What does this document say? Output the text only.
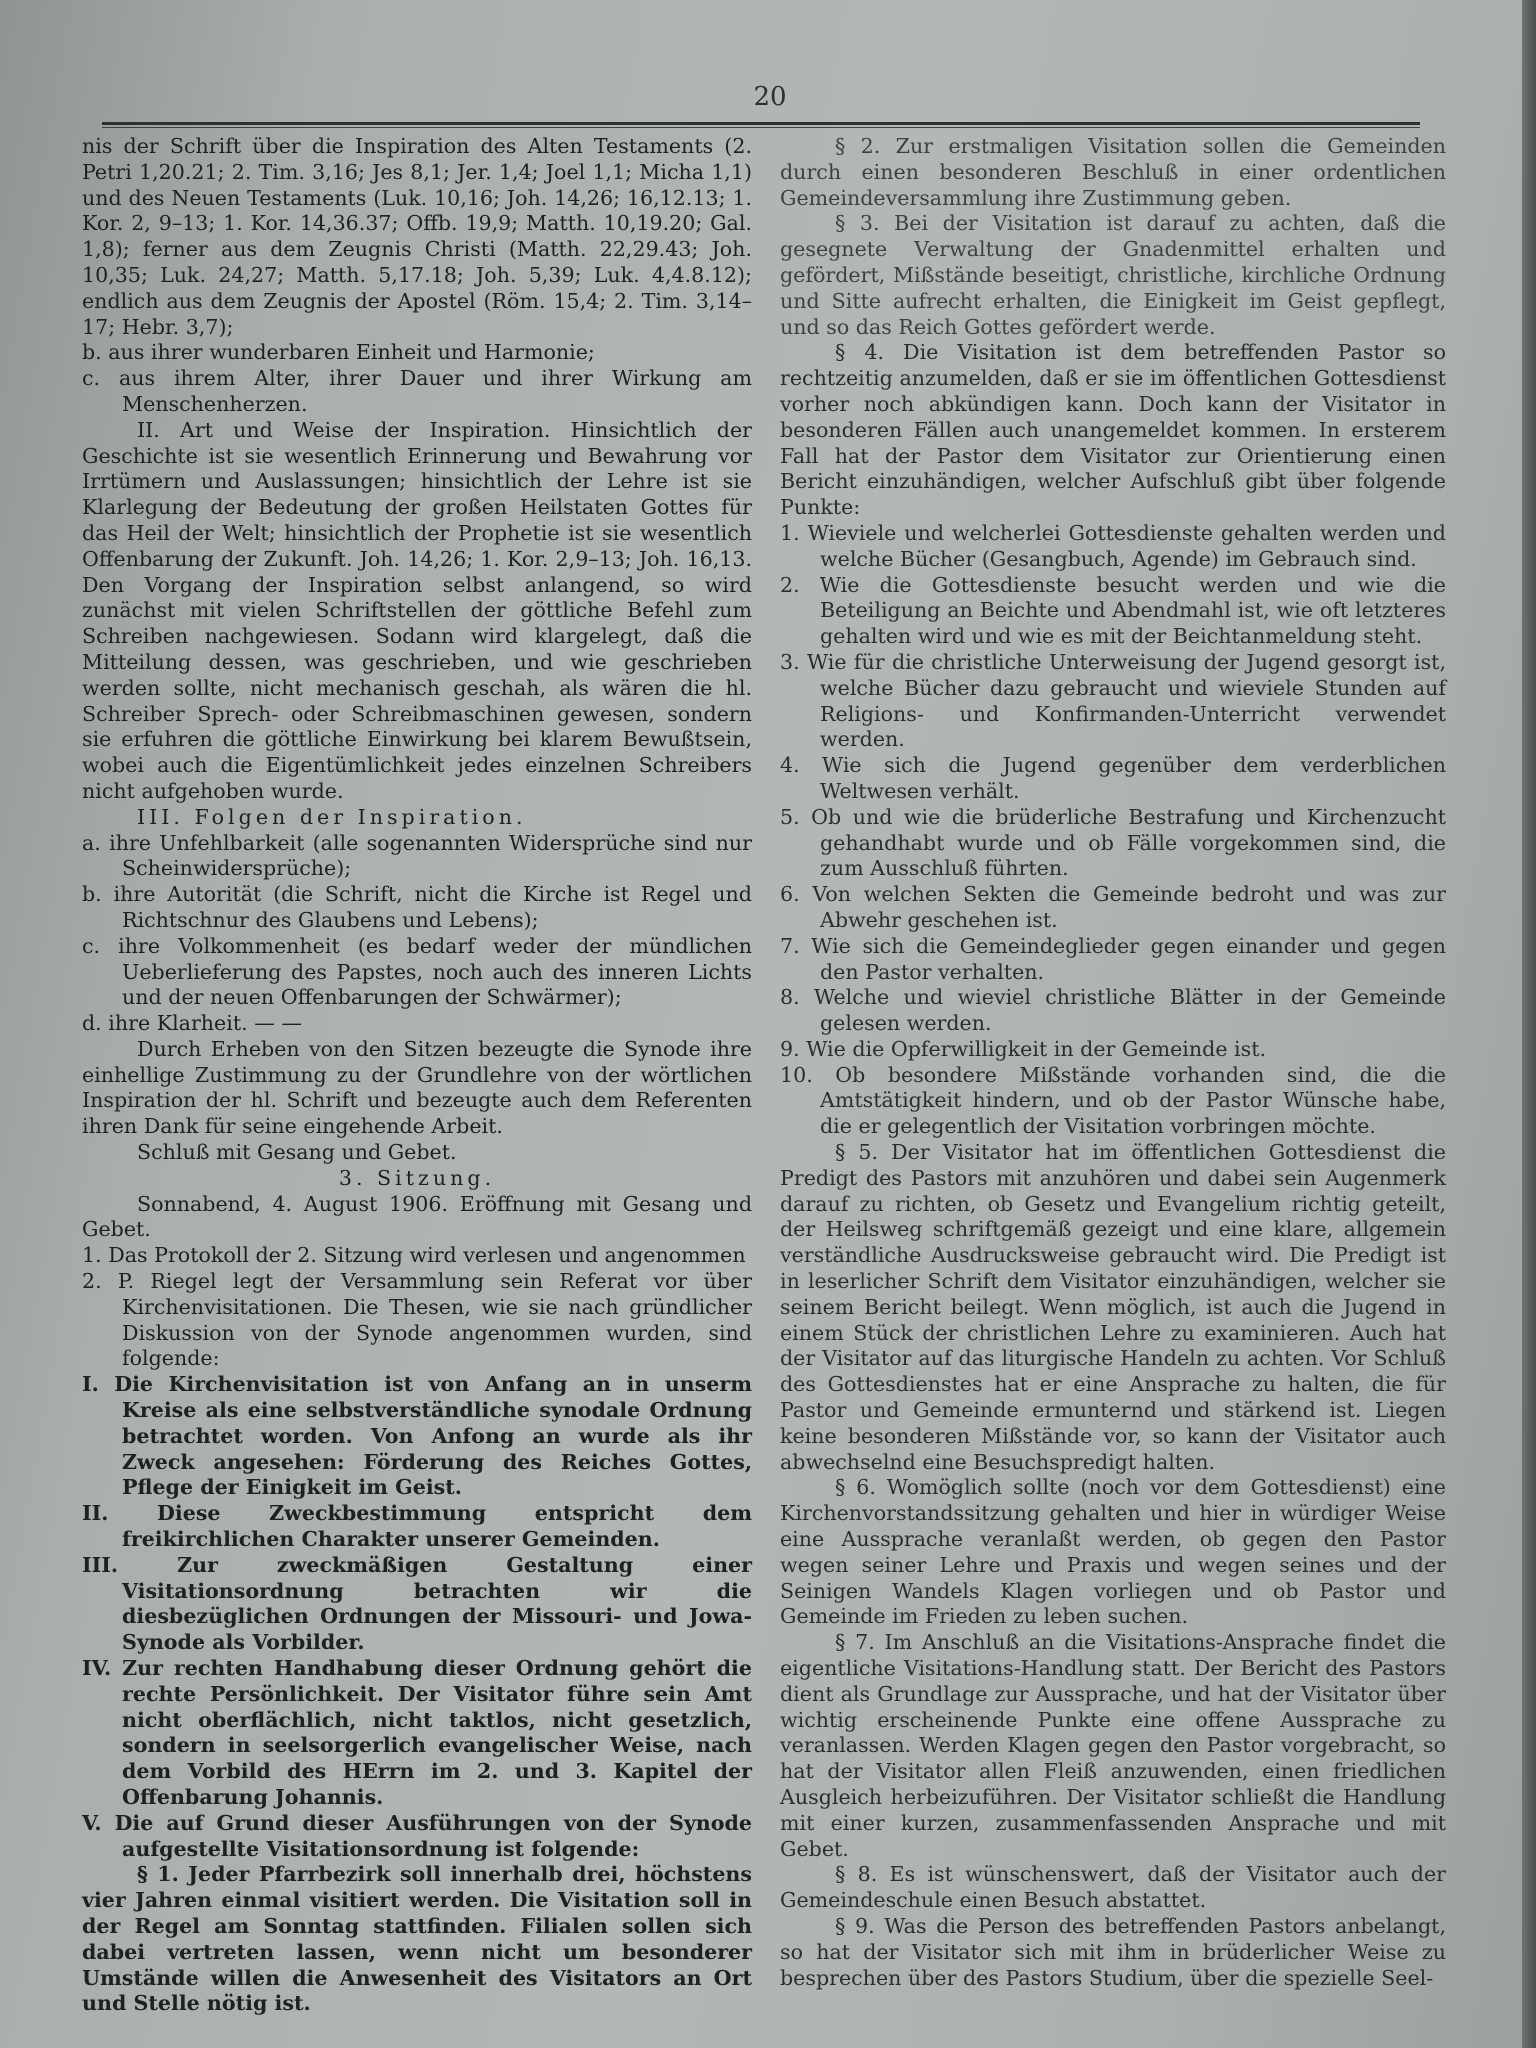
20

nis der Schrift über die Inspiration des Alten Testaments (2. Petri 1,20.21; 2. Tim. 3,16; Jes 8,1; Jer. 1,4; Joel 1,1; Micha 1,1) und des Neuen Testaments (Luk. 10,16; Joh. 14,26; 16,12.13; 1. Kor. 2, 9–13; 1. Kor. 14,36.37; Offb. 19,9; Matth. 10,19.20; Gal. 1,8); ferner aus dem Zeugnis Christi (Matth. 22,29.43; Joh. 10,35; Luk. 24,27; Matth. 5,17.18; Joh. 5,39; Luk. 4,4.8.12); endlich aus dem Zeugnis der Apostel (Röm. 15,4; 2. Tim. 3,14–17; Hebr. 3,7);

b. aus ihrer wunderbaren Einheit und Harmonie;

c. aus ihrem Alter, ihrer Dauer und ihrer Wirkung am Menschenherzen.

II. Art und Weise der Inspiration. Hinsichtlich der Geschichte ist sie wesentlich Erinnerung und Bewahrung vor Irrtümern und Auslassungen; hinsichtlich der Lehre ist sie Klarlegung der Bedeutung der großen Heilstaten Gottes für das Heil der Welt; hinsichtlich der Prophetie ist sie wesentlich Offenbarung der Zukunft. Joh. 14,26; 1. Kor. 2,9–13; Joh. 16,13. Den Vorgang der Inspiration selbst anlangend, so wird zunächst mit vielen Schriftstellen der göttliche Befehl zum Schreiben nachgewiesen. Sodann wird klargelegt, daß die Mitteilung dessen, was geschrieben, und wie geschrieben werden sollte, nicht mechanisch geschah, als wären die hl. Schreiber Sprech- oder Schreibmaschinen gewesen, sondern sie erfuhren die göttliche Einwirkung bei klarem Bewußtsein, wobei auch die Eigentümlichkeit jedes einzelnen Schreibers nicht aufgehoben wurde.

III. Folgen der Inspiration.

a. ihre Unfehlbarkeit (alle sogenannten Widersprüche sind nur Scheinwidersprüche);

b. ihre Autorität (die Schrift, nicht die Kirche ist Regel und Richtschnur des Glaubens und Lebens);

c. ihre Volkommenheit (es bedarf weder der mündlichen Ueberlieferung des Papstes, noch auch des inneren Lichts und der neuen Offenbarungen der Schwärmer);

d. ihre Klarheit. — —

Durch Erheben von den Sitzen bezeugte die Synode ihre einhellige Zustimmung zu der Grundlehre von der wörtlichen Inspiration der hl. Schrift und bezeugte auch dem Referenten ihren Dank für seine eingehende Arbeit.

Schluß mit Gesang und Gebet.

3. Sitzung.

Sonnabend, 4. August 1906. Eröffnung mit Gesang und Gebet.

1. Das Protokoll der 2. Sitzung wird verlesen und angenommen

2. P. Riegel legt der Versammlung sein Referat vor über Kirchenvisitationen. Die Thesen, wie sie nach gründlicher Diskussion von der Synode angenommen wurden, sind folgende:

I. Die Kirchenvisitation ist von Anfang an in unserm Kreise als eine selbstverständliche synodale Ordnung betrachtet worden. Von Anfong an wurde als ihr Zweck angesehen: Förderung des Reiches Gottes, Pflege der Einigkeit im Geist.

II. Diese Zweckbestimmung entspricht dem freikirchlichen Charakter unserer Gemeinden.

III. Zur zweckmäßigen Gestaltung einer Visitationsordnung betrachten wir die diesbezüglichen Ordnungen der Missouri- und Jowa-Synode als Vorbilder.

IV. Zur rechten Handhabung dieser Ordnung gehört die rechte Persönlichkeit. Der Visitator führe sein Amt nicht oberflächlich, nicht taktlos, nicht gesetzlich, sondern in seelsorgerlich evangelischer Weise, nach dem Vorbild des HErrn im 2. und 3. Kapitel der Offenbarung Johannis.

V. Die auf Grund dieser Ausführungen von der Synode aufgestellte Visitationsordnung ist folgende:

§ 1. Jeder Pfarrbezirk soll innerhalb drei, höchstens vier Jahren einmal visitiert werden. Die Visitation soll in der Regel am Sonntag stattfinden. Filialen sollen sich dabei vertreten lassen, wenn nicht um besonderer Umstände willen die Anwesenheit des Visitators an Ort und Stelle nötig ist.

§ 2. Zur erstmaligen Visitation sollen die Gemeinden durch einen besonderen Beschluß in einer ordentlichen Gemeindeversammlung ihre Zustimmung geben.

§ 3. Bei der Visitation ist darauf zu achten, daß die gesegnete Verwaltung der Gnadenmittel erhalten und gefördert, Mißstände beseitigt, christliche, kirchliche Ordnung und Sitte aufrecht erhalten, die Einigkeit im Geist gepflegt, und so das Reich Gottes gefördert werde.

§ 4. Die Visitation ist dem betreffenden Pastor so rechtzeitig anzumelden, daß er sie im öffentlichen Gottesdienst vorher noch abkündigen kann. Doch kann der Visitator in besonderen Fällen auch unangemeldet kommen. In ersterem Fall hat der Pastor dem Visitator zur Orientierung einen Bericht einzuhändigen, welcher Aufschluß gibt über folgende Punkte:

1. Wieviele und welcherlei Gottesdienste gehalten werden und welche Bücher (Gesangbuch, Agende) im Gebrauch sind.

2. Wie die Gottesdienste besucht werden und wie die Beteiligung an Beichte und Abendmahl ist, wie oft letzteres gehalten wird und wie es mit der Beichtanmeldung steht.

3. Wie für die christliche Unterweisung der Jugend gesorgt ist, welche Bücher dazu gebraucht und wieviele Stunden auf Religions- und Konfirmanden-Unterricht verwendet werden.

4. Wie sich die Jugend gegenüber dem verderblichen Weltwesen verhält.

5. Ob und wie die brüderliche Bestrafung und Kirchenzucht gehandhabt wurde und ob Fälle vorgekommen sind, die zum Ausschluß führten.

6. Von welchen Sekten die Gemeinde bedroht und was zur Abwehr geschehen ist.

7. Wie sich die Gemeindeglieder gegen einander und gegen den Pastor verhalten.

8. Welche und wieviel christliche Blätter in der Gemeinde gelesen werden.

9. Wie die Opferwilligkeit in der Gemeinde ist.

10. Ob besondere Mißstände vorhanden sind, die die Amtstätigkeit hindern, und ob der Pastor Wünsche habe, die er gelegentlich der Visitation vorbringen möchte.

§ 5. Der Visitator hat im öffentlichen Gottesdienst die Predigt des Pastors mit anzuhören und dabei sein Augenmerk darauf zu richten, ob Gesetz und Evangelium richtig geteilt, der Heilsweg schriftgemäß gezeigt und eine klare, allgemein verständliche Ausdrucksweise gebraucht wird. Die Predigt ist in leserlicher Schrift dem Visitator einzuhändigen, welcher sie seinem Bericht beilegt. Wenn möglich, ist auch die Jugend in einem Stück der christlichen Lehre zu examinieren. Auch hat der Visitator auf das liturgische Handeln zu achten. Vor Schluß des Gottesdienstes hat er eine Ansprache zu halten, die für Pastor und Gemeinde ermunternd und stärkend ist. Liegen keine besonderen Mißstände vor, so kann der Visitator auch abwechselnd eine Besuchspredigt halten.

§ 6. Womöglich sollte (noch vor dem Gottesdienst) eine Kirchenvorstandssitzung gehalten und hier in würdiger Weise eine Aussprache veranlaßt werden, ob gegen den Pastor wegen seiner Lehre und Praxis und wegen seines und der Seinigen Wandels Klagen vorliegen und ob Pastor und Gemeinde im Frieden zu leben suchen.

§ 7. Im Anschluß an die Visitations-Ansprache findet die eigentliche Visitations-Handlung statt. Der Bericht des Pastors dient als Grundlage zur Aussprache, und hat der Visitator über wichtig erscheinende Punkte eine offene Aussprache zu veranlassen. Werden Klagen gegen den Pastor vorgebracht, so hat der Visitator allen Fleiß anzuwenden, einen friedlichen Ausgleich herbeizuführen. Der Visitator schließt die Handlung mit einer kurzen, zusammenfassenden Ansprache und mit Gebet.

§ 8. Es ist wünschenswert, daß der Visitator auch der Gemeindeschule einen Besuch abstattet.

§ 9. Was die Person des betreffenden Pastors anbelangt, so hat der Visitator sich mit ihm in brüderlicher Weise zu besprechen über des Pastors Studium, über die spezielle Seel-
